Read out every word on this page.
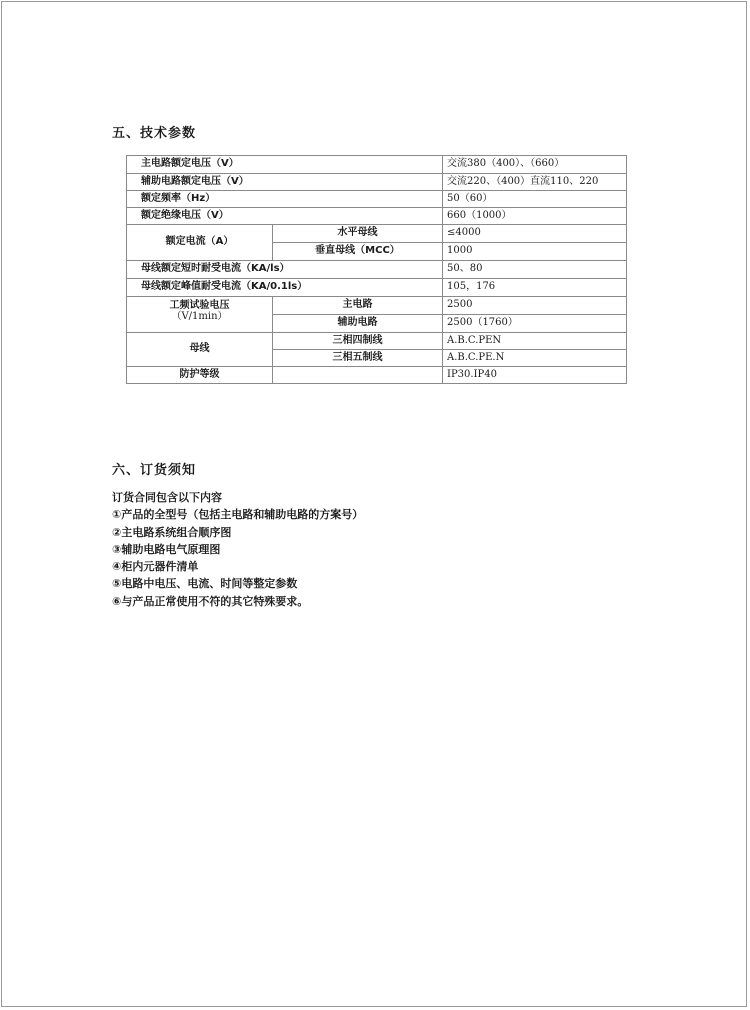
五、技术参数
主电路额定电压（V）		交流380（400）、（660）
辅助电路额定电压（V）		交流220、（400）直流110、220
额定频率（Hz）		50（60）
额定绝缘电压（V）		660（1000）
额定电流（A）	水平母线	≤4000
	垂直母线（MCC）	1000
母线额定短时耐受电流（KA/ls）		50、80
母线额定峰值耐受电流（KA/0.1ls）		105，176

工频试验电压
（V/1min）	主电路	2500
	辅助电路	2500（1760）
母线	三相四制线	A.B.C.PEN
	三相五制线	A.B.C.PE.N
防护等级		IP30.IP40
六、订货须知
订货合同包含以下内容
①产品的全型号（包括主电路和辅助电路的方案号）
②主电路系统组合顺序图
③辅助电路电气原理图
④柜内元器件清单
⑤电路中电压、电流、时间等整定参数
⑥与产品正常使用不符的其它特殊要求。
